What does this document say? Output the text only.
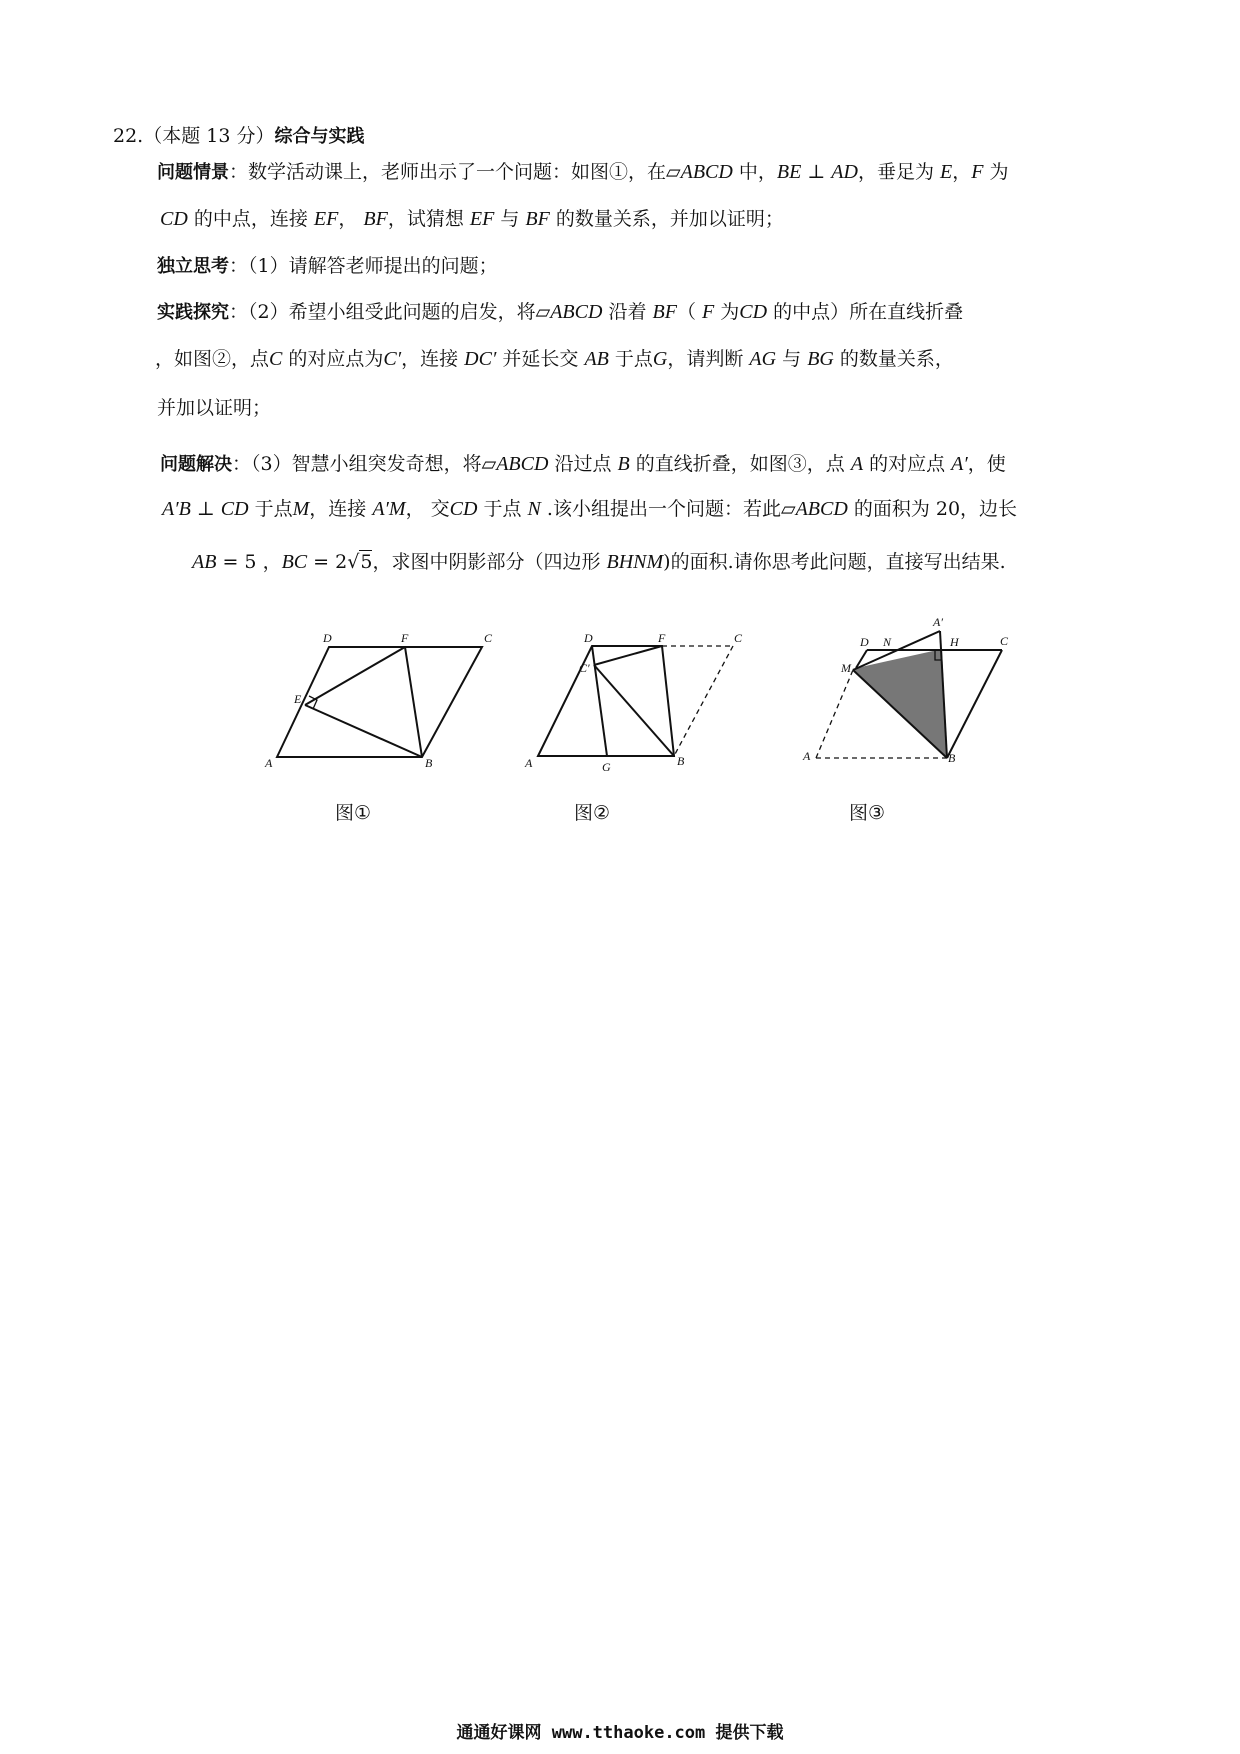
22.（本题 13 分）综合与实践
问题情景：数学活动课上，老师出示了一个问题：如图①，在▱ABCD 中，BE ⊥ AD，垂足为 E，F 为
CD 的中点，连接 EF， BF，试猜想 EF 与 BF 的数量关系，并加以证明；
独立思考：（1）请解答老师提出的问题；
实践探究：（2）希望小组受此问题的启发，将▱ABCD 沿着 BF（ F 为CD 的中点）所在直线折叠
，如图②，点C 的对应点为C′，连接 DC′ 并延长交 AB 于点G，请判断 AG 与 BG 的数量关系，
并加以证明；
问题解决：（3）智慧小组突发奇想，将▱ABCD 沿过点 B 的直线折叠，如图③，点 A 的对应点 A′，使
A′B ⊥ CD 于点M，连接 A′M， 交CD 于点 N .该小组提出一个问题：若此▱ABCD 的面积为 20，边长
AB = 5 ，BC = 2√5，求图中阴影部分（四边形 BHNM)的面积.请你思考此问题，直接写出结果.
A	B
C
D
E
F
A	B
C
C′
D	F
G
A
A′
B
C
D	H
M
N
图①	图②	图③
通通好课网 www.tthaoke.com 提供下载
